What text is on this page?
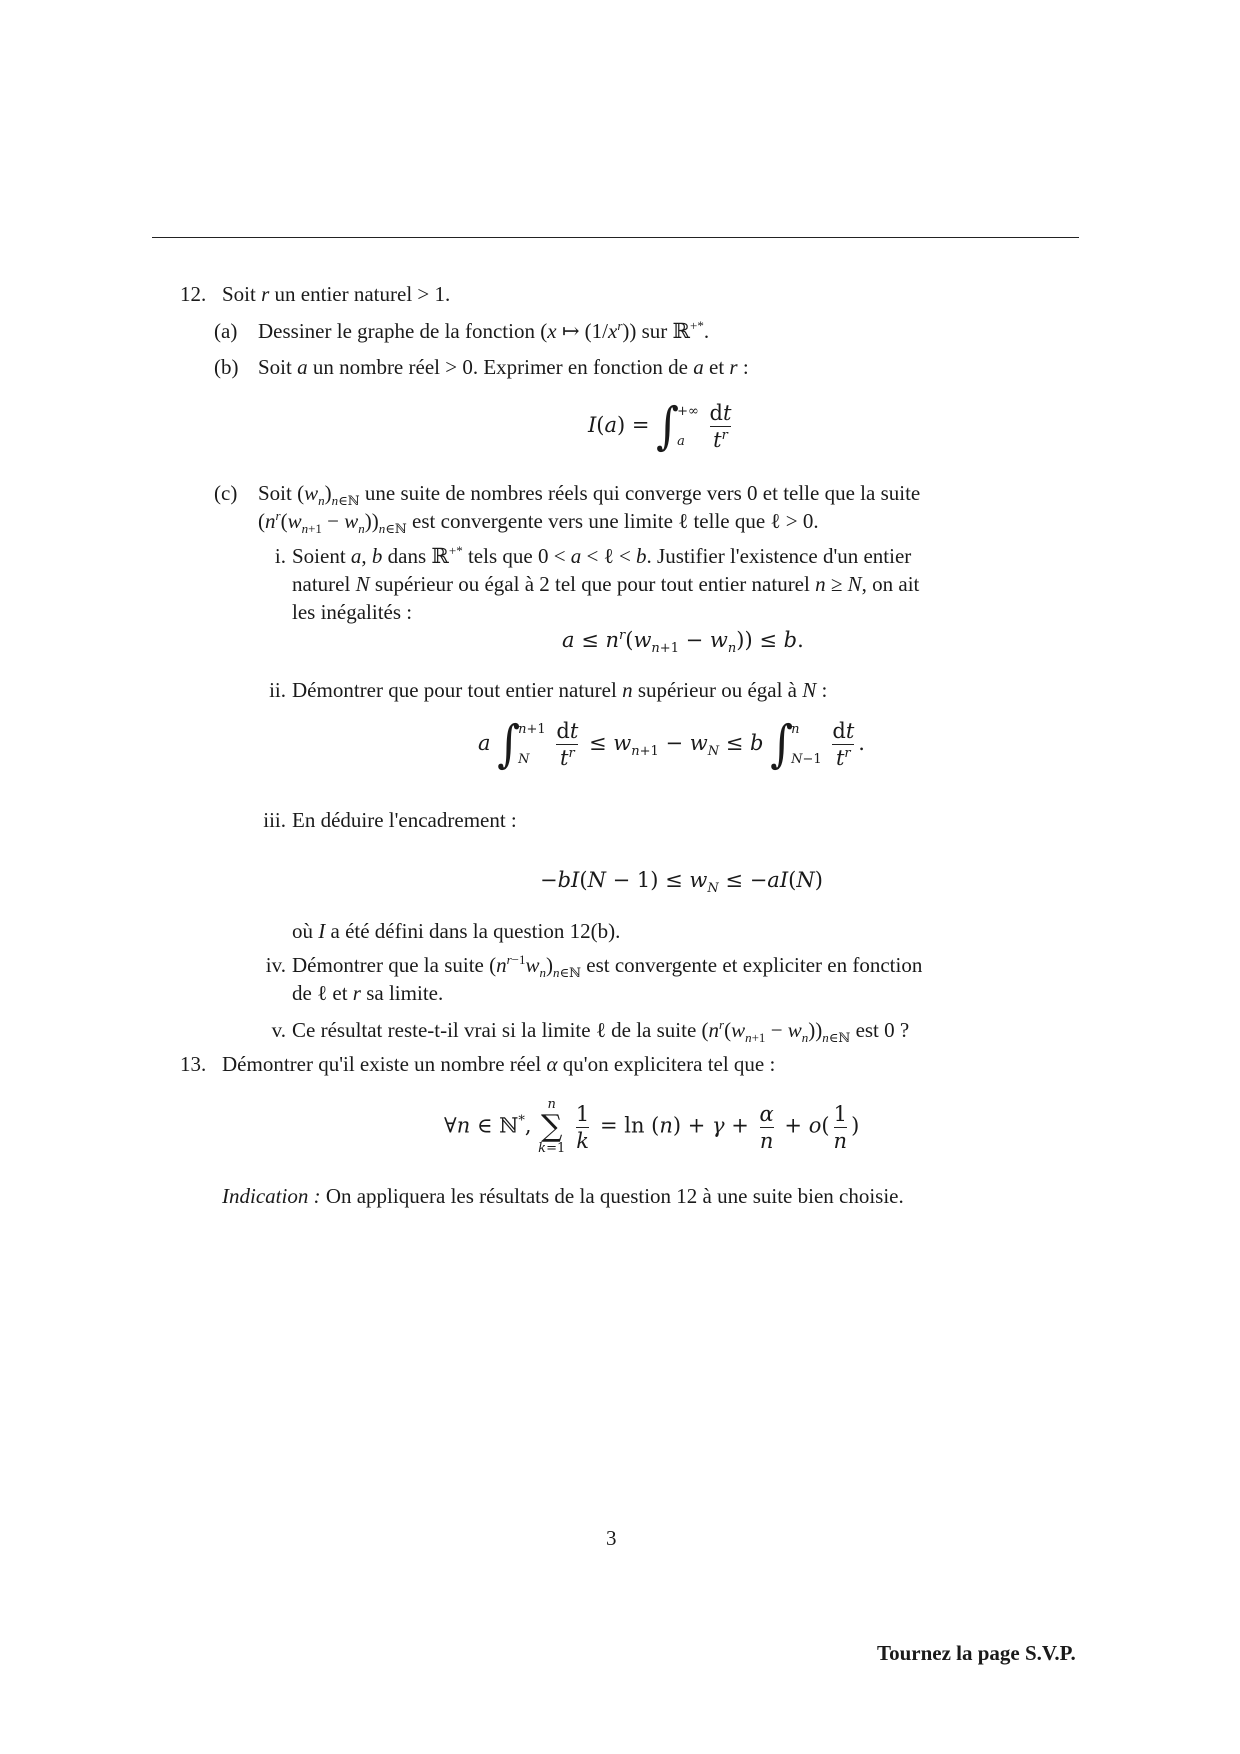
12. Soit r un entier naturel > 1.
(a) Dessiner le graphe de la fonction (x ↦ $(1/x^r)$) sur ℝ+*.
(b) Soit a un nombre réel > 0. Exprimer en fonction de a et r :
I(a) = ∫
+∞
a
	$\frac{dt}{t^r}$
(c) Soit $(w_n)_{n\in ℕ}$ une suite de nombres réels qui converge vers 0 et telle que la suite
$(n^r(w_{n+1} - w_n))_{n\in ℕ}$ est convergente vers une limite ℓ telle que ℓ > 0.
i. Soient a, b dans ℝ+* tels que 0 < a < ℓ < b. Justifier l'existence d'un entier
naturel N supérieur ou égal à 2 tel que pour tout entier naturel n ≥ N, on ait
les inégalités :
$a \le n^r(w_{n+1} - w_n)) \le b$.
ii. Démontrer que pour tout entier naturel n supérieur ou égal à N :
a ∫
n+1
N
	$\frac{dt}{t^r} \le w_{n+1} - w_N \le b$ ∫
n
N−1
$\frac{dt}{t^r}$ .
iii. En déduire l'encadrement :
$-bI(N - 1) \le w_N \le -aI(N)$
où I a été défini dans la question 12(b).
iv. Démontrer que la suite $(n^{r-1}w_n)_{n\in ℕ}$ est convergente et expliciter en fonction
de ℓ et r sa limite.
v. Ce résultat reste-t-il vrai si la limite ℓ de la suite $(n^r(w_{n+1} - w_n))_{n\in ℕ}$ est 0 ?
13. Démontrer qu'il existe un nombre réel α qu'on explicitera tel que :
∀n ∈ ℕ*,
n
∑
k=1
$\frac{1}{k} = \ln (n) + \gamma + \frac{\alpha}{n} + o( \frac{1}{n}$ )
Indication : On appliquera les résultats de la question 12 à une suite bien choisie.
3
Tournez la page S.V.P.
